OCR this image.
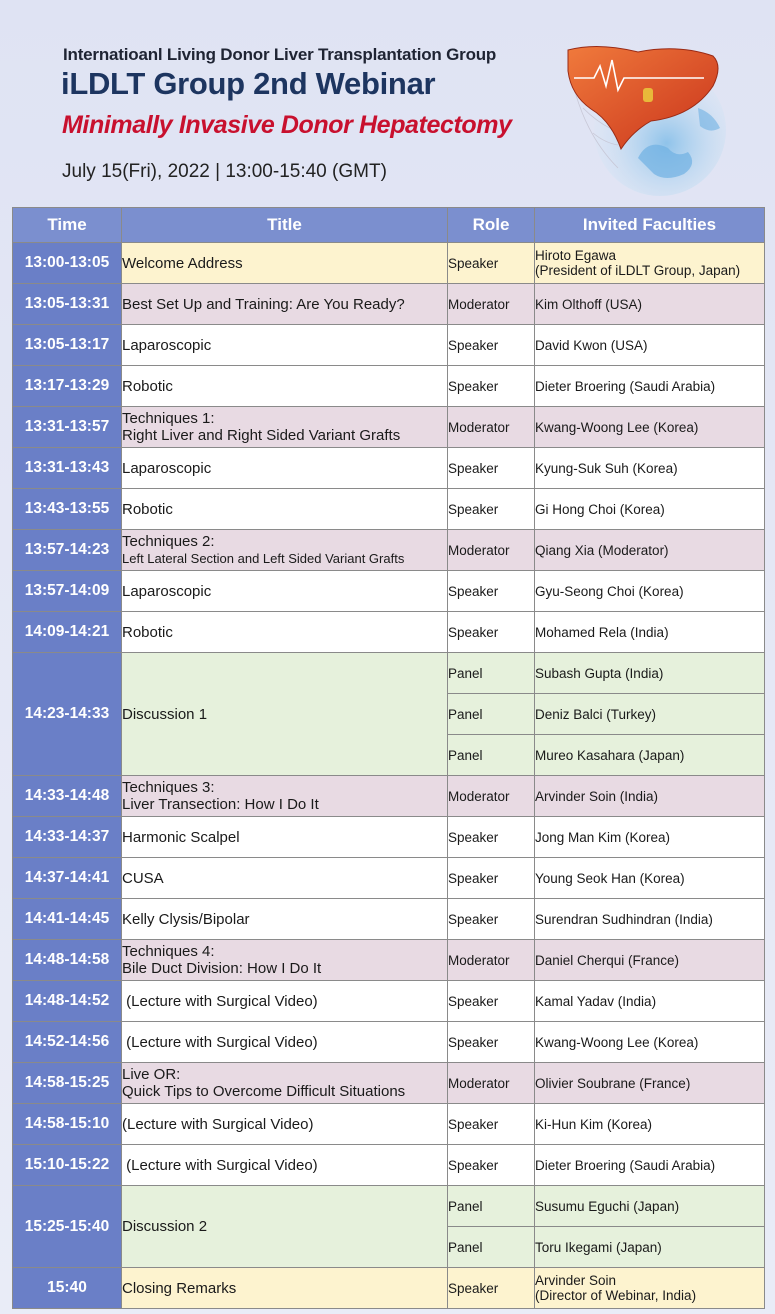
Internatioanl Living Donor Liver Transplantation Group
iLDLT Group 2nd Webinar
Minimally Invasive Donor Hepatectomy
July 15(Fri), 2022 | 13:00-15:40 (GMT)
Time	Title	Role	Invited Faculties
13:00-13:05	Welcome Address	Speaker	Hiroto Egawa
(President of iLDLT Group, Japan)

13:05-13:31	Best Set Up and Training: Are You Ready?	Moderator	Kim Olthoff (USA)
13:05-13:17	Laparoscopic	Speaker	David Kwon (USA)
13:17-13:29	Robotic	Speaker	Dieter Broering (Saudi Arabia)
13:31-13:57	Techniques 1:
Right Liver and Right Sided Variant Grafts	Moderator	Kwang-Woong Lee (Korea)
13:31-13:43	Laparoscopic	Speaker	Kyung-Suk Suh (Korea)
13:43-13:55	Robotic	Speaker	Gi Hong Choi (Korea)
13:57-14:23	Techniques 2:
Left Lateral Section and Left Sided Variant Grafts	Moderator	Qiang Xia (Moderator)
13:57-14:09	Laparoscopic	Speaker	Gyu-Seong Choi (Korea)
14:09-14:21	Robotic	Speaker	Mohamed Rela (India)
14:23-14:33	Discussion 1	Panel	Subash Gupta (India)
		Panel	Deniz Balci (Turkey)
		Panel	Mureo Kasahara (Japan)
14:33-14:48	Techniques 3:
Liver Transection: How I Do It	Moderator	Arvinder Soin (India)
14:33-14:37	Harmonic Scalpel	Speaker	Jong Man Kim (Korea)
14:37-14:41	CUSA	Speaker	Young Seok Han (Korea)
14:41-14:45	Kelly Clysis/Bipolar	Speaker	Surendran Sudhindran (India)
14:48-14:58	Techniques 4:
Bile Duct Division: How I Do It	Moderator	Daniel Cherqui (France)
14:48-14:52	(Lecture with Surgical Video)	Speaker	Kamal Yadav (India)
14:52-14:56	(Lecture with Surgical Video)	Speaker	Kwang-Woong Lee (Korea)
14:58-15:25	Live OR:
Quick Tips to Overcome Difficult Situations	Moderator	Olivier Soubrane (France)
14:58-15:10	(Lecture with Surgical Video)	Speaker	Ki-Hun Kim (Korea)
15:10-15:22	(Lecture with Surgical Video)	Speaker	Dieter Broering (Saudi Arabia)
15:25-15:40	Discussion 2	Panel	Susumu Eguchi (Japan)
		Panel	Toru Ikegami (Japan)
15:40	Closing Remarks	Speaker	Arvinder Soin
(Director of Webinar, India)
